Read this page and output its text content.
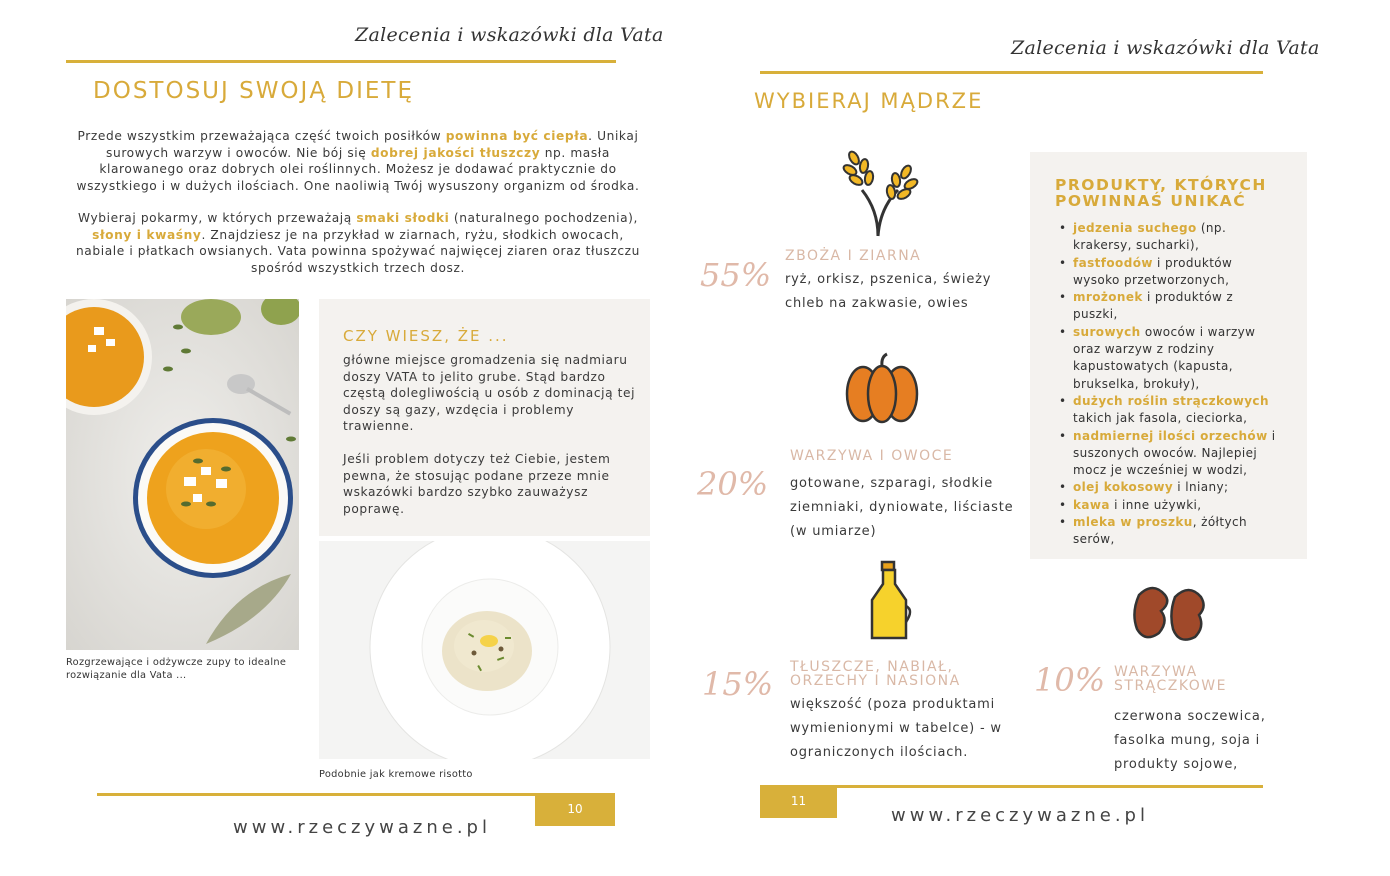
Zalecenia i wskazówki dla Vata
DOSTOSUJ SWOJĄ DIETĘ
Przede wszystkim przeważająca część twoich posiłków powinna być ciepła. Unikaj surowych warzyw i owoców. Nie bój się dobrej jakości tłuszczy np. masła klarowanego oraz dobrych olei roślinnych. Możesz je dodawać praktycznie do wszystkiego i w dużych ilościach. One naoliwią Twój wysuszony organizm od środka.
Wybieraj pokarmy, w których przeważają smaki słodki (naturalnego pochodzenia), słony i kwaśny. Znajdziesz je na przykład w ziarnach, ryżu, słodkich owocach, nabiale i płatkach owsianych. Vata powinna spożywać najwięcej ziaren oraz tłuszczu spośród wszystkich trzech dosz.
Rozgrzewające i odżywcze zupy to idealne rozwiązanie dla Vata ...
CZY WIESZ, ŻE ...
główne miejsce gromadzenia się nadmiaru doszy VATA to jelito grube. Stąd bardzo częstą dolegliwością u osób z dominacją tej doszy są gazy, wzdęcia i problemy trawienne.
Jeśli problem dotyczy też Ciebie, jestem pewna, że stosując podane przeze mnie wskazówki bardzo szybko zauważysz poprawę.
Podobnie jak kremowe risotto
10
www.rzeczywazne.pl
Zalecenia i wskazówki dla Vata
WYBIERAJ MĄDRZE
55% ZBOŻA I ZIARNA
ryż, orkisz, pszenica, świeży chleb na zakwasie, owies
20%
WARZYWA I OWOCE
gotowane, szparagi, słodkie ziemniaki, dyniowate, liściaste (w umiarze)
15% TŁUSZCZE, NABIAŁ, ORZECHY I NASIONA
większość (poza produktami wymienionymi w tabelce) - w ograniczonych ilościach.
10% WARZYWA STRĄCZKOWE
czerwona soczewica, fasolka mung, soja i produkty sojowe,
PRODUKTY, KTÓRYCH POWINNAŚ UNIKAĆ
• jedzenia suchego (np. krakersy, sucharki),
• fastfoodów i produktów wysoko przetworzonych,
• mrożonek i produktów z puszki,
• surowych owoców i warzyw oraz warzyw z rodziny kapustowatych (kapusta, brukselka, brokuły),
• dużych roślin strączkowych takich jak fasola, cieciorka,
• nadmiernej ilości orzechów i suszonych owoców. Najlepiej mocz je wcześniej w wodzi,
• olej kokosowy i lniany;
• kawa i inne używki,
• mleka w proszku, żółtych serów,
11
www.rzeczywazne.pl
